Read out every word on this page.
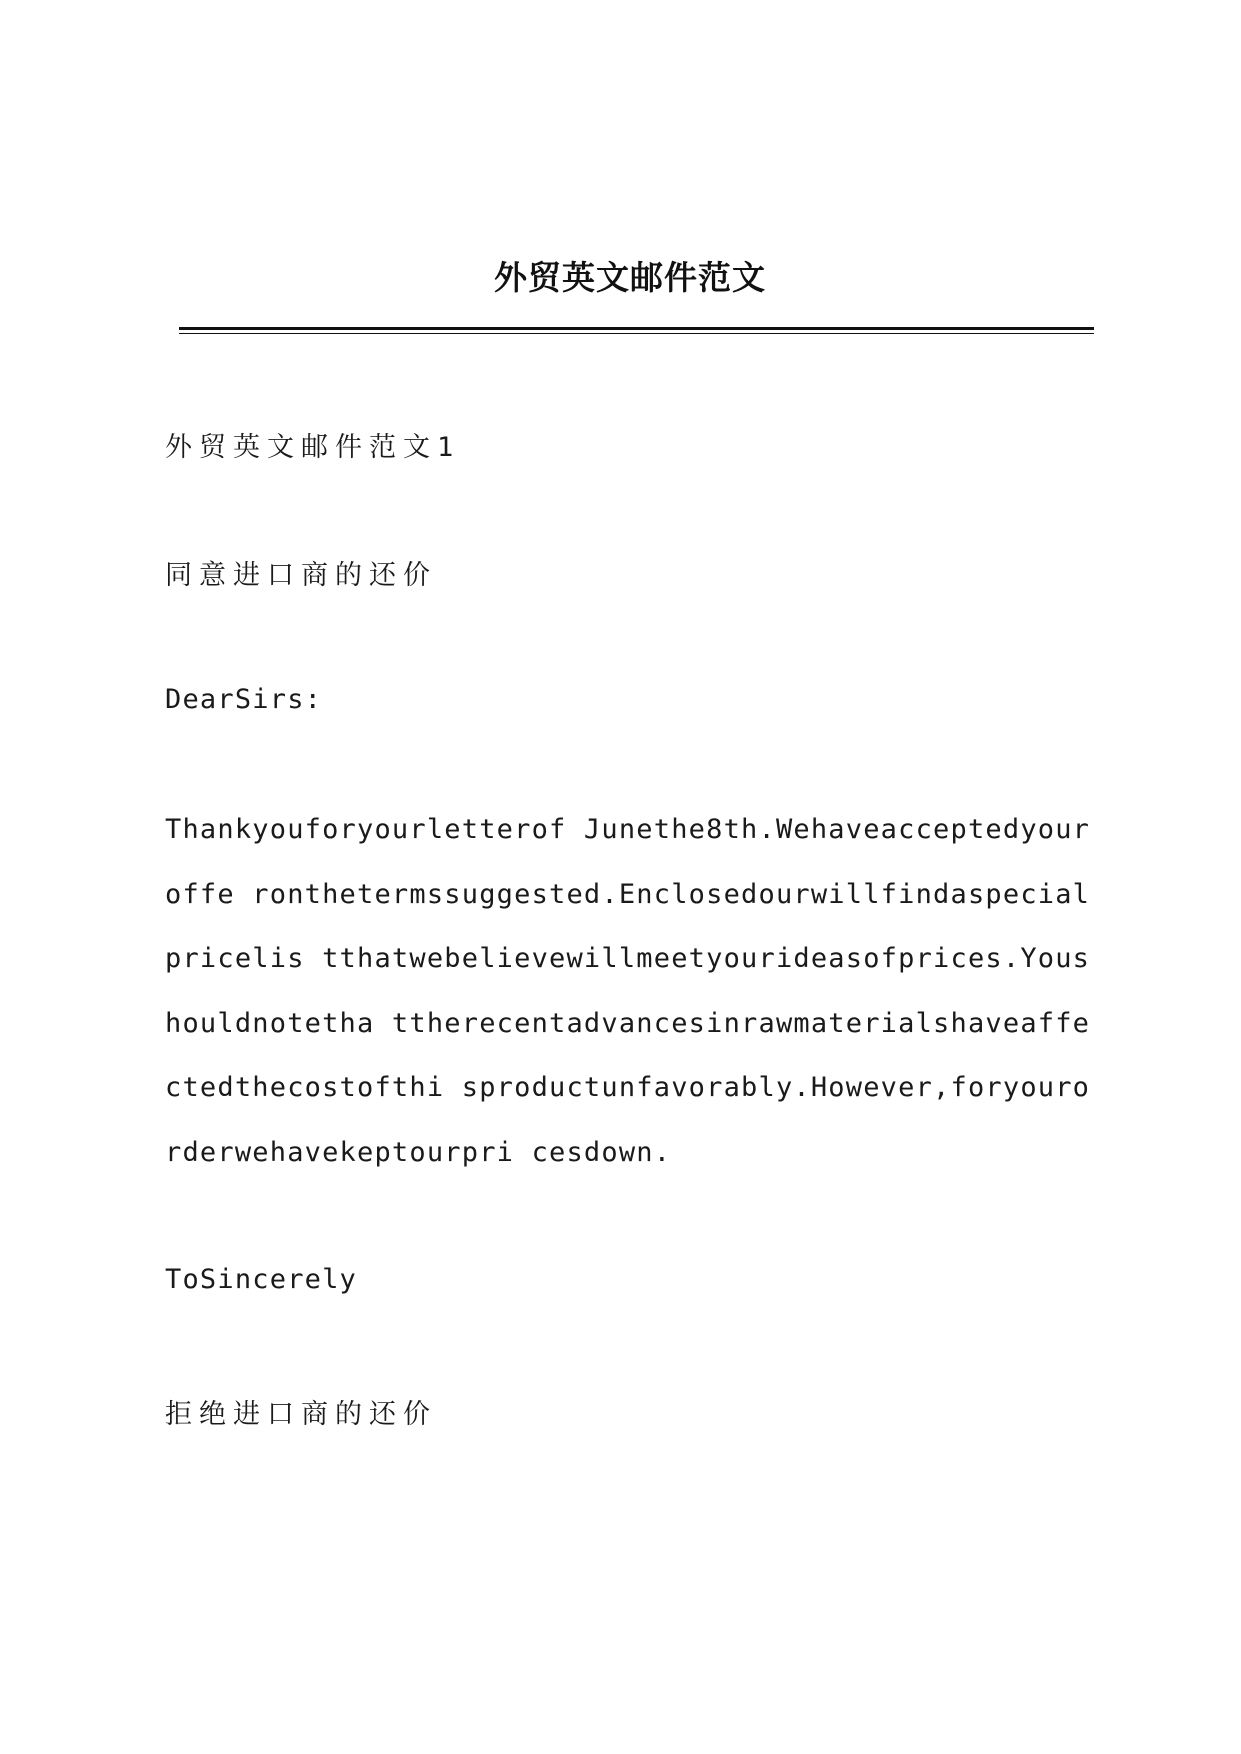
外贸英文邮件范文

外贸英文邮件范文1

同意进口商的还价

DearSirs:

Thankyouforyourletterof Junethe8th.Wehaveacceptedyouroffe ronthetermssuggested.Enclosedourwillfindaspecialpricelis tthatwebelievewillmeetyourideasofprices.Youshouldnotetha ttherecentadvancesinrawmaterialshaveaffectedthecostofthi sproductunfavorably.However,foryourorderwehavekeptourpri cesdown.

ToSincerely

拒绝进口商的还价
